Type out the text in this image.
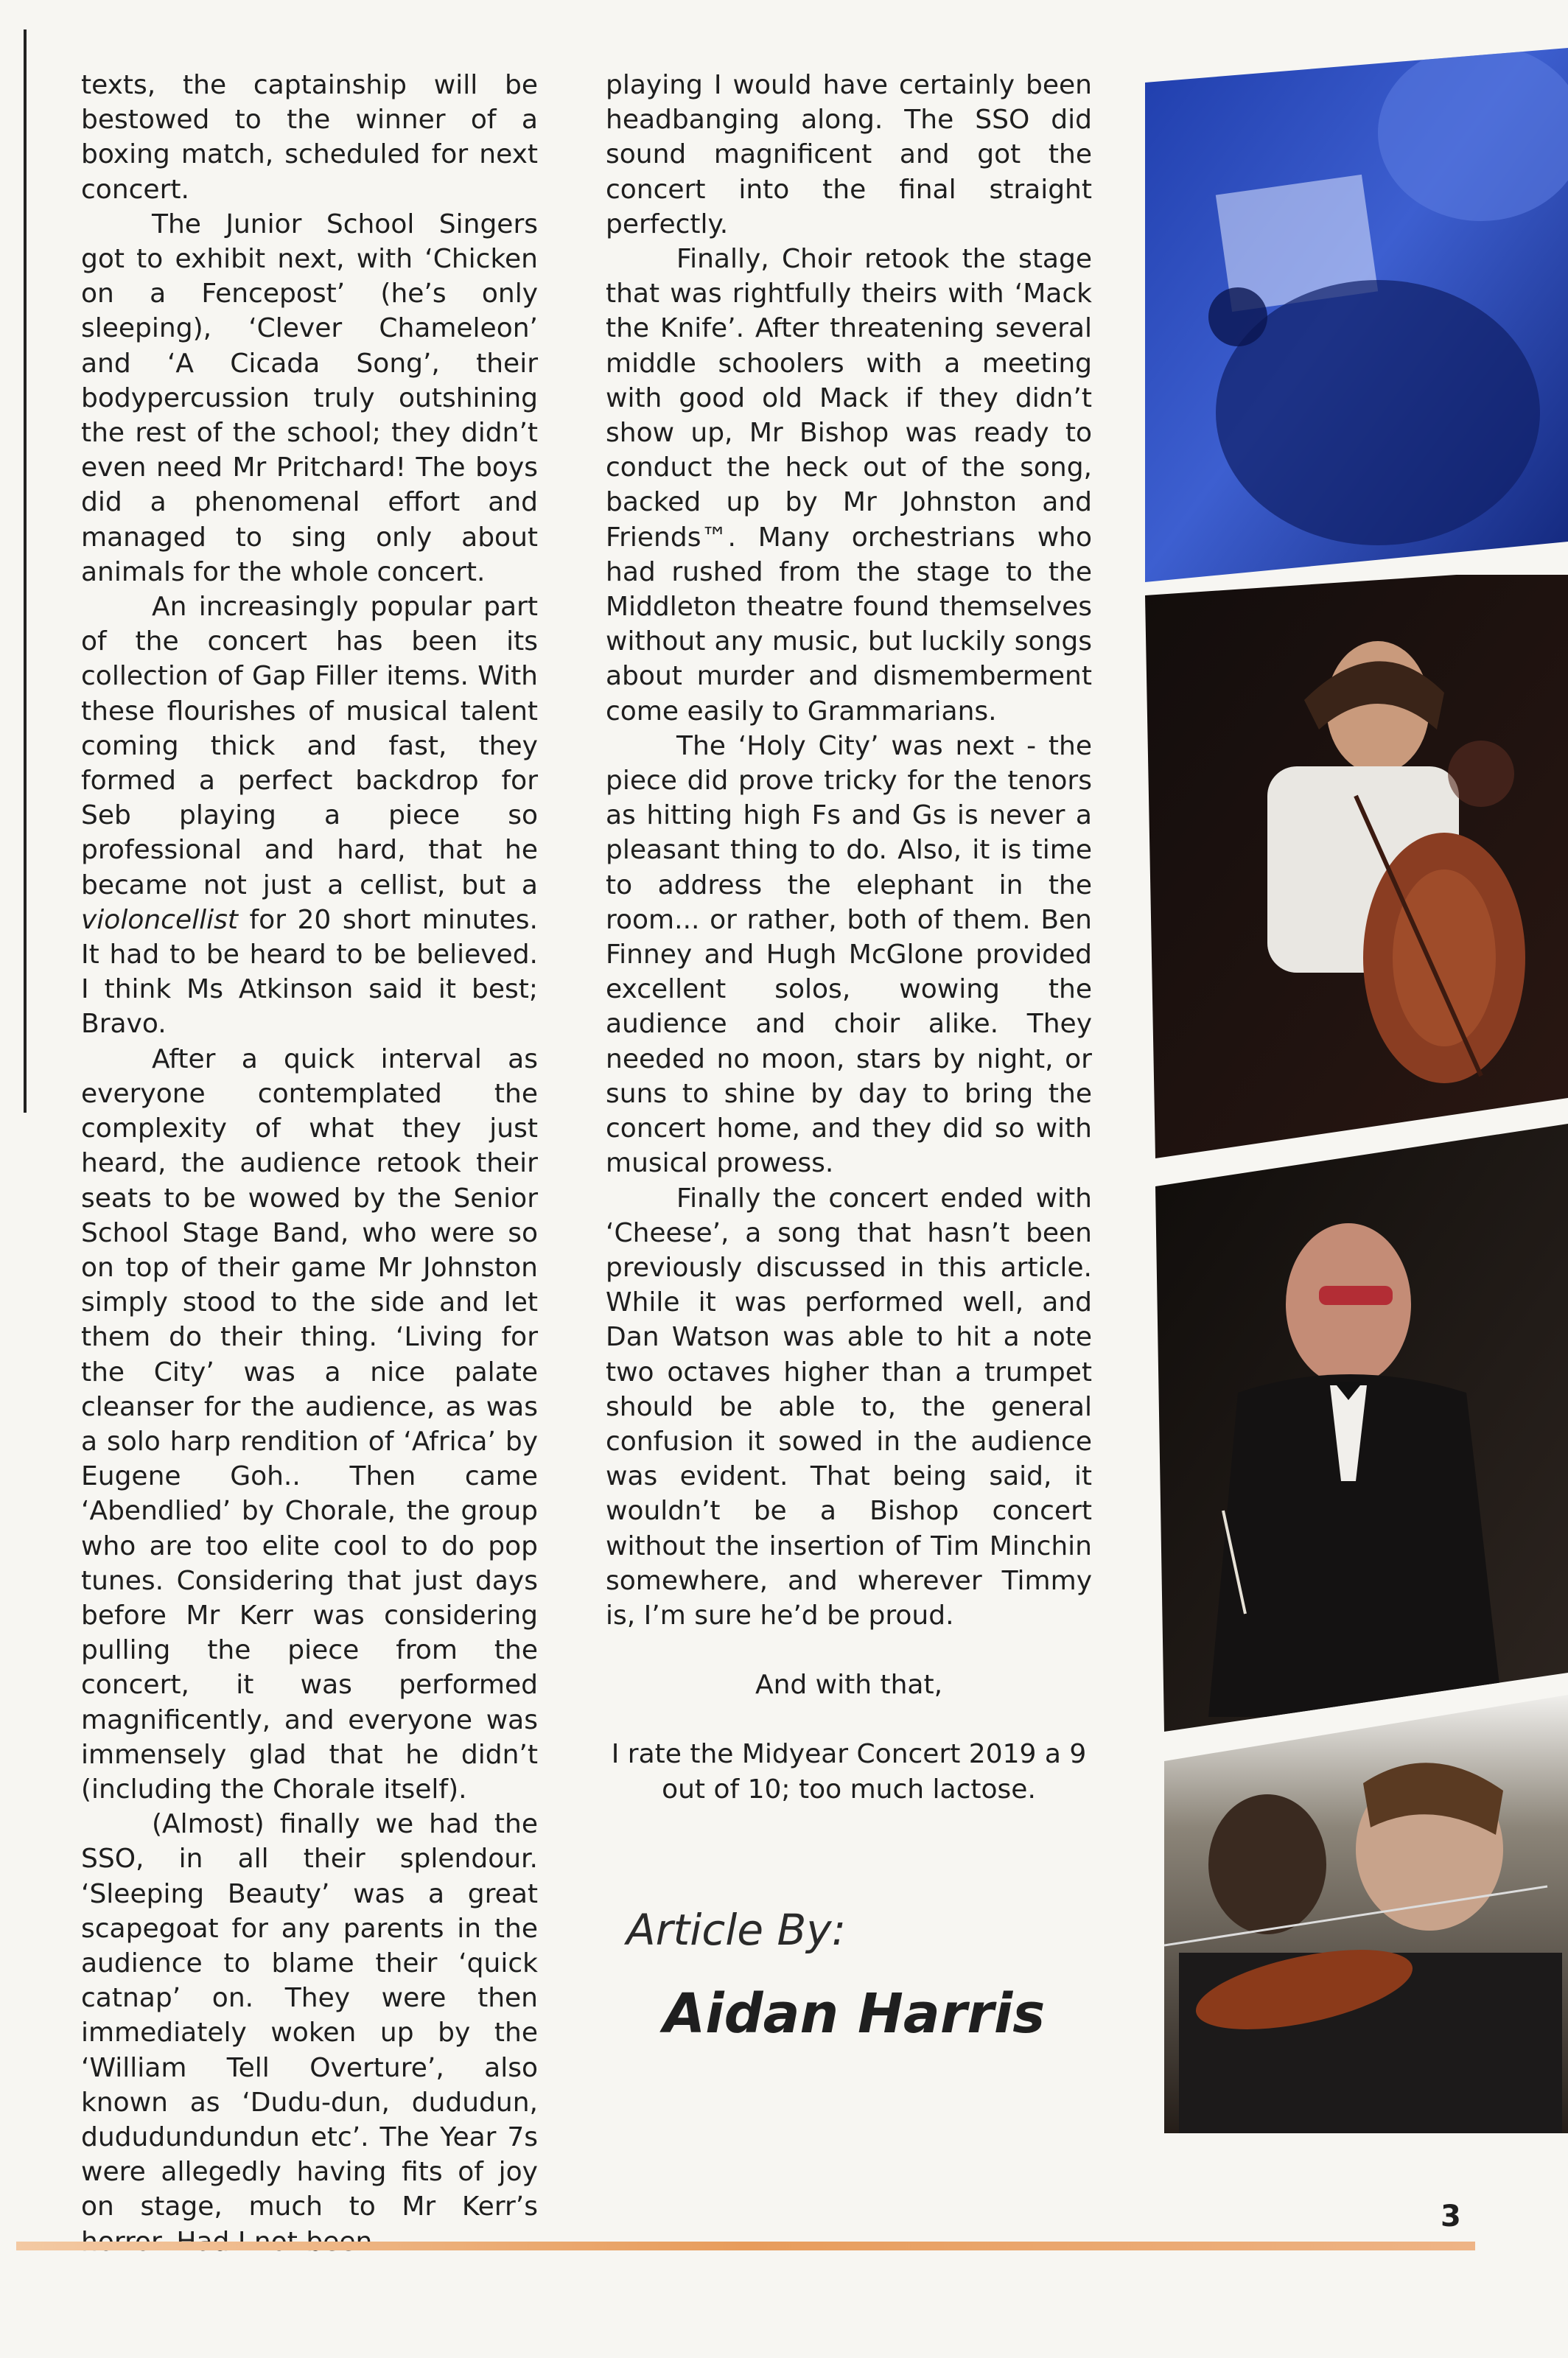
texts, the captainship will be bestowed to the winner of a boxing match, scheduled for next concert.

The Junior School Singers got to exhibit next, with ‘Chicken on a Fencepost’ (he’s only sleeping), ‘Clever Chameleon’ and ‘A Cicada Song’, their bodypercussion truly outshining the rest of the school; they didn’t even need Mr Pritchard! The boys did a phenomenal effort and managed to sing only about animals for the whole concert.

An increasingly popular part of the concert has been its collection of Gap Filler items. With these flourishes of musical talent coming thick and fast, they formed a perfect backdrop for Seb playing a piece so professional and hard, that he became not just a cellist, but a violoncellist for 20 short minutes. It had to be heard to be believed. I think Ms Atkinson said it best; Bravo.

After a quick interval as everyone contemplated the complexity of what they just heard, the audience retook their seats to be wowed by the Senior School Stage Band, who were so on top of their game Mr Johnston simply stood to the side and let them do their thing. ‘Living for the City’ was a nice palate cleanser for the audience, as was a solo harp rendition of ‘Africa’ by Eugene Goh.. Then came ‘Abendlied’ by Chorale, the group who are too elite cool to do pop tunes. Considering that just days before Mr Kerr was considering pulling the piece from the concert, it was performed magnificently, and everyone was immensely glad that he didn’t (including the Chorale itself).

(Almost) finally we had the SSO, in all their splendour. ‘Sleeping Beauty’ was a great scapegoat for any parents in the audience to blame their ‘quick catnap’ on. They were then immediately woken up by the ‘William Tell Overture’, also known as ‘Dudu-dun, dududun, dududundundun etc’. The Year 7s were allegedly having fits of joy on stage, much to Mr Kerr’s

playing I would have certainly been headbanging along. The SSO did sound magnificent and got the concert into the final straight perfectly.

Finally, Choir retook the stage that was rightfully theirs with ‘Mack the Knife’. After threatening several middle schoolers with a meeting with good old Mack if they didn’t show up, Mr Bishop was ready to conduct the heck out of the song, backed up by Mr Johnston and Friends™. Many orchestrians who had rushed from the stage to the Middleton theatre found themselves without any music, but luckily songs about murder and dismemberment come easily to Grammarians.

The ‘Holy City’ was next - the piece did prove tricky for the tenors as hitting high Fs and Gs is never a pleasant thing to do. Also, it is time to address the elephant in the room... or rather, both of them. Ben Finney and Hugh McGlone provided excellent solos, wowing the audience and choir alike. They needed no moon, stars by night, or suns to shine by day to bring the concert home, and they did so with musical prowess.

Finally the concert ended with ‘Cheese’, a song that hasn’t been previously discussed in this article. While it was performed well, and Dan Watson was able to hit a note two octaves higher than a trumpet should be able to, the general confusion it sowed in the audience was evident. That being said, it wouldn’t be a Bishop concert without the insertion of Tim Minchin somewhere, and wherever Timmy is, I’m sure he’d be proud.

And with that,

I rate the Midyear Concert 2019 a 9 out of 10; too much lactose.

Article By:
Aidan Harris
3
